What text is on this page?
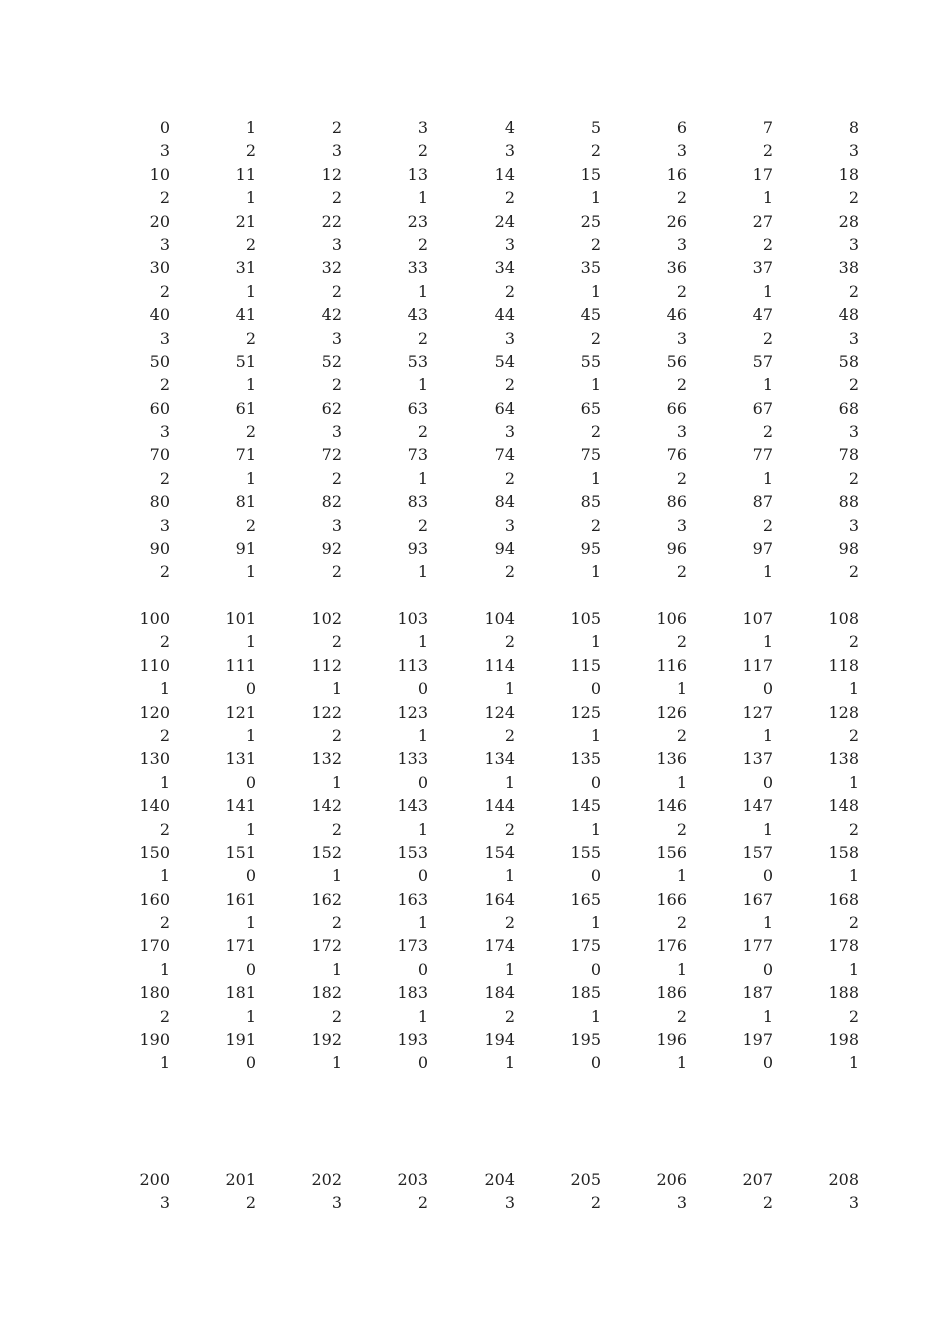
0	1	2	3	4	5	6	7	8
3	2	3	2	3	2	3	2	3
10	11	12	13	14	15	16	17	18
2	1	2	1	2	1	2	1	2
20	21	22	23	24	25	26	27	28
3	2	3	2	3	2	3	2	3
30	31	32	33	34	35	36	37	38
2	1	2	1	2	1	2	1	2
40	41	42	43	44	45	46	47	48
3	2	3	2	3	2	3	2	3
50	51	52	53	54	55	56	57	58
2	1	2	1	2	1	2	1	2
60	61	62	63	64	65	66	67	68
3	2	3	2	3	2	3	2	3
70	71	72	73	74	75	76	77	78
2	1	2	1	2	1	2	1	2
80	81	82	83	84	85	86	87	88
3	2	3	2	3	2	3	2	3
90	91	92	93	94	95	96	97	98
2	1	2	1	2	1	2	1	2
100	101	102	103	104	105	106	107	108
2	1	2	1	2	1	2	1	2
110	111	112	113	114	115	116	117	118
1	0	1	0	1	0	1	0	1
120	121	122	123	124	125	126	127	128
2	1	2	1	2	1	2	1	2
130	131	132	133	134	135	136	137	138
1	0	1	0	1	0	1	0	1
140	141	142	143	144	145	146	147	148
2	1	2	1	2	1	2	1	2
150	151	152	153	154	155	156	157	158
1	0	1	0	1	0	1	0	1
160	161	162	163	164	165	166	167	168
2	1	2	1	2	1	2	1	2
170	171	172	173	174	175	176	177	178
1	0	1	0	1	0	1	0	1
180	181	182	183	184	185	186	187	188
2	1	2	1	2	1	2	1	2
190	191	192	193	194	195	196	197	198
1	0	1	0	1	0	1	0	1
200	201	202	203	204	205	206	207	208
3	2	3	2	3	2	3	2	3
